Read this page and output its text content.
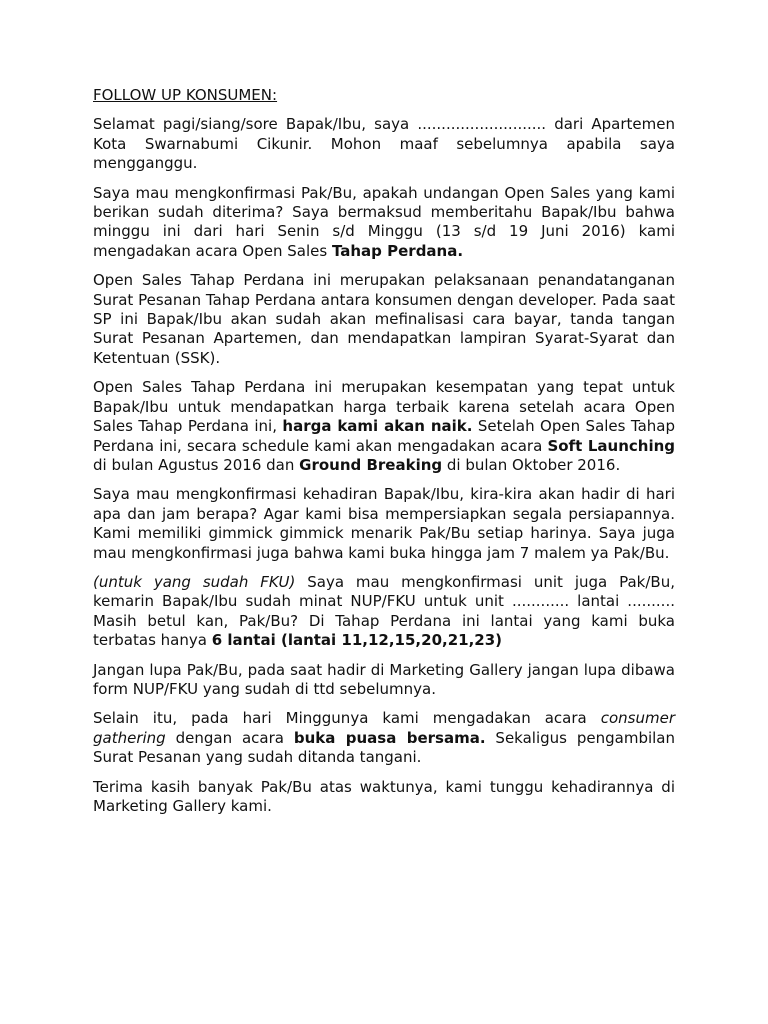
FOLLOW UP KONSUMEN:

Selamat pagi/siang/sore Bapak/Ibu, saya ........................... dari Apartemen Kota Swarnabumi Cikunir. Mohon maaf sebelumnya apabila saya mengganggu.

Saya mau mengkonfirmasi Pak/Bu, apakah undangan Open Sales yang kami berikan sudah diterima? Saya bermaksud memberitahu Bapak/Ibu bahwa minggu ini dari hari Senin s/d Minggu (13 s/d 19 Juni 2016) kami mengadakan acara Open Sales Tahap Perdana.

Open Sales Tahap Perdana ini merupakan pelaksanaan penandatanganan Surat Pesanan Tahap Perdana antara konsumen dengan developer. Pada saat SP ini Bapak/Ibu akan sudah akan mefinalisasi cara bayar, tanda tangan Surat Pesanan Apartemen, dan mendapatkan lampiran Syarat-Syarat dan Ketentuan (SSK).

Open Sales Tahap Perdana ini merupakan kesempatan yang tepat untuk Bapak/Ibu untuk mendapatkan harga terbaik karena setelah acara Open Sales Tahap Perdana ini, harga kami akan naik. Setelah Open Sales Tahap Perdana ini, secara schedule kami akan mengadakan acara Soft Launching di bulan Agustus 2016 dan Ground Breaking di bulan Oktober 2016.

Saya mau mengkonfirmasi kehadiran Bapak/Ibu, kira-kira akan hadir di hari apa dan jam berapa? Agar kami bisa mempersiapkan segala persiapannya. Kami memiliki gimmick gimmick menarik Pak/Bu setiap harinya. Saya juga mau mengkonfirmasi juga bahwa kami buka hingga jam 7 malem ya Pak/Bu.

(untuk yang sudah FKU) Saya mau mengkonfirmasi unit juga Pak/Bu, kemarin Bapak/Ibu sudah minat NUP/FKU untuk unit ............ lantai .......... Masih betul kan, Pak/Bu? Di Tahap Perdana ini lantai yang kami buka terbatas hanya 6 lantai (lantai 11,12,15,20,21,23)

Jangan lupa Pak/Bu, pada saat hadir di Marketing Gallery jangan lupa dibawa form NUP/FKU yang sudah di ttd sebelumnya.

Selain itu, pada hari Minggunya kami mengadakan acara consumer gathering dengan acara buka puasa bersama. Sekaligus pengambilan Surat Pesanan yang sudah ditanda tangani.

Terima kasih banyak Pak/Bu atas waktunya, kami tunggu kehadirannya di Marketing Gallery kami.
